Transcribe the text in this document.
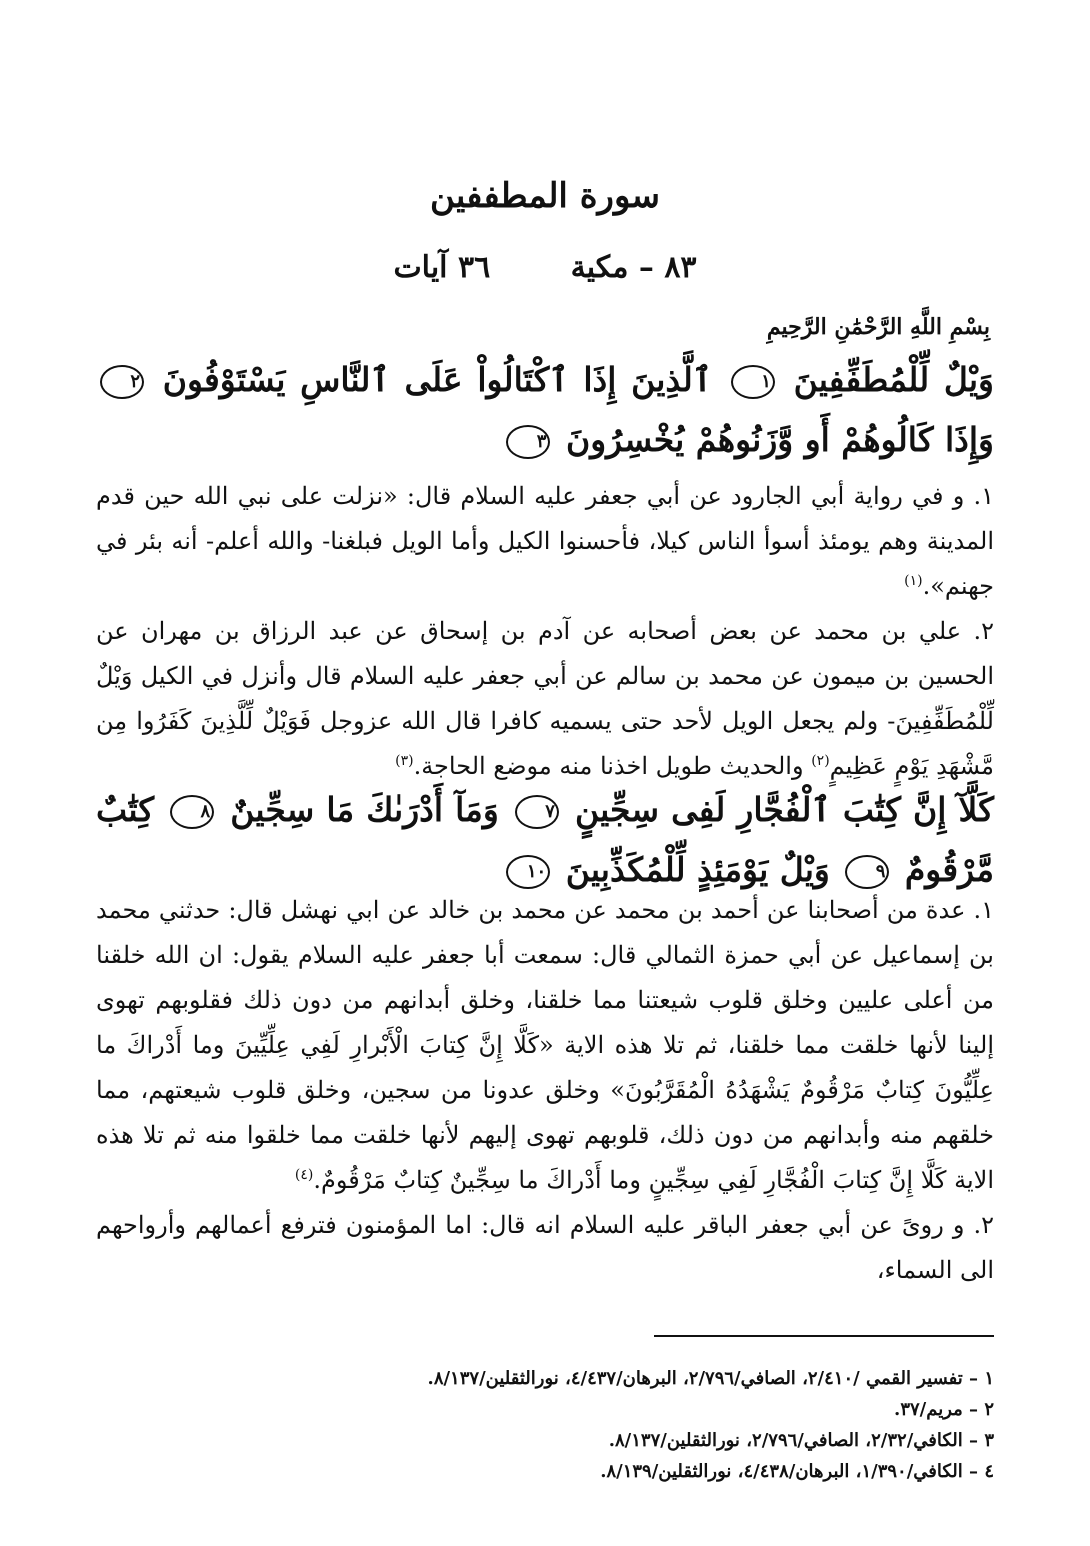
سورة المطففين
٨٣ – مكية ٣٦ آيات
بِسْمِ اللَّهِ الرَّحْمَٰنِ الرَّحِيمِ
وَيْلٌ لِّلْمُطَفِّفِينَ ١ ٱلَّذِينَ إِذَا ٱكْتَالُواْ عَلَى ٱلنَّاسِ يَسْتَوْفُونَ ٢ وَإِذَا كَالُوهُمْ أَو وَّزَنُوهُمْ يُخْسِرُونَ ٣

١. و في رواية أبي الجارود عن أبي جعفر عليه السلام قال: «نزلت على نبي الله حين قدم المدينة وهم يومئذ أسوأ الناس كيلا، فأحسنوا الكيل وأما الويل فبلغنا- والله أعلم- أنه بئر في جهنم».$^{(١)}$

٢. علي بن محمد عن بعض أصحابه عن آدم بن إسحاق عن عبد الرزاق بن مهران عن الحسين بن ميمون عن محمد بن سالم عن أبي جعفر عليه السلام قال وأنزل في الكيل وَيْلٌ لِّلْمُطَفِّفِينَ- ولم يجعل الويل لأحد حتى يسميه كافرا قال الله عزوجل فَوَيْلٌ لِّلَّذِينَ كَفَرُوا مِن مَّشْهَدِ يَوْمٍ عَظِيمٍ$^{(٢)}$ والحديث طويل اخذنا منه موضع الحاجة.$^{(٣)}$

كَلَّآ إِنَّ كِتَٰبَ ٱلْفُجَّارِ لَفِى سِجِّينٍ ٧ وَمَآ أَدْرَىٰكَ مَا سِجِّينٌ ٨ كِتَٰبٌ مَّرْقُومٌ ٩ وَيْلٌ يَوْمَئِذٍ لِّلْمُكَذِّبِينَ ١٠

١. عدة من أصحابنا عن أحمد بن محمد عن محمد بن خالد عن ابي نهشل قال: حدثني محمد بن إسماعيل عن أبي حمزة الثمالي قال: سمعت أبا جعفر عليه السلام يقول: ان الله خلقنا من أعلى عليين وخلق قلوب شيعتنا مما خلقنا، وخلق أبدانهم من دون ذلك فقلوبهم تهوى إلينا لأنها خلقت مما خلقنا، ثم تلا هذه الاية «كَلَّا إِنَّ كِتابَ الْأَبْرارِ لَفِي عِلِّيِّينَ وما أَدْراكَ ما عِلِّيُّونَ كِتابٌ مَرْقُومٌ يَشْهَدُهُ الْمُقَرَّبُونَ» وخلق عدونا من سجين، وخلق قلوب شيعتهم، مما خلقهم منه وأبدانهم من دون ذلك، قلوبهم تهوى إليهم لأنها خلقت مما خلقوا منه ثم تلا هذه الاية كَلَّا إِنَّ كِتابَ الْفُجَّارِ لَفِي سِجِّينٍ وما أَدْراكَ ما سِجِّينٌ كِتابٌ مَرْقُومٌ.$^{(٤)}$

٢. و روىً عن أبي جعفر الباقر عليه السلام انه قال: اما المؤمنون فترفع أعمالهم وأرواحهم الى السماء،

١ – تفسير القمي /٢/٤١٠، الصافي/٢/٧٩٦، البرهان/٤/٤٣٧، نورالثقلين/٨/١٣٧.
٢ – مريم/٣٧.
٣ – الكافي/٢/٣٢، الصافي/٢/٧٩٦، نورالثقلين/٨/١٣٧.
٤ – الكافي/١/٣٩٠، البرهان/٤/٤٣٨، نورالثقلين/٨/١٣٩.
